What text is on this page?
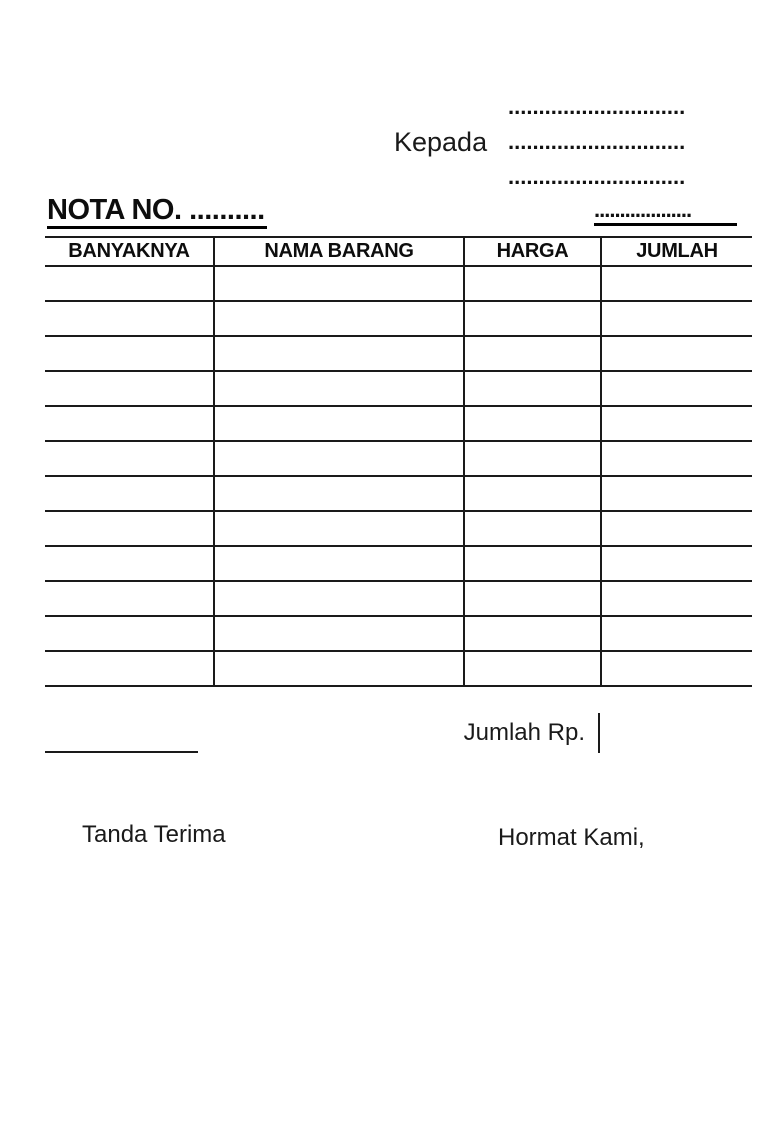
Kepada
.............................
.............................
.............................
NOTA NO. ..........	...................
BANYAKNYA	NAMA BARANG	HARGA	JUMLAH

Jumlah Rp.
Tanda Terima	Hormat Kami,
